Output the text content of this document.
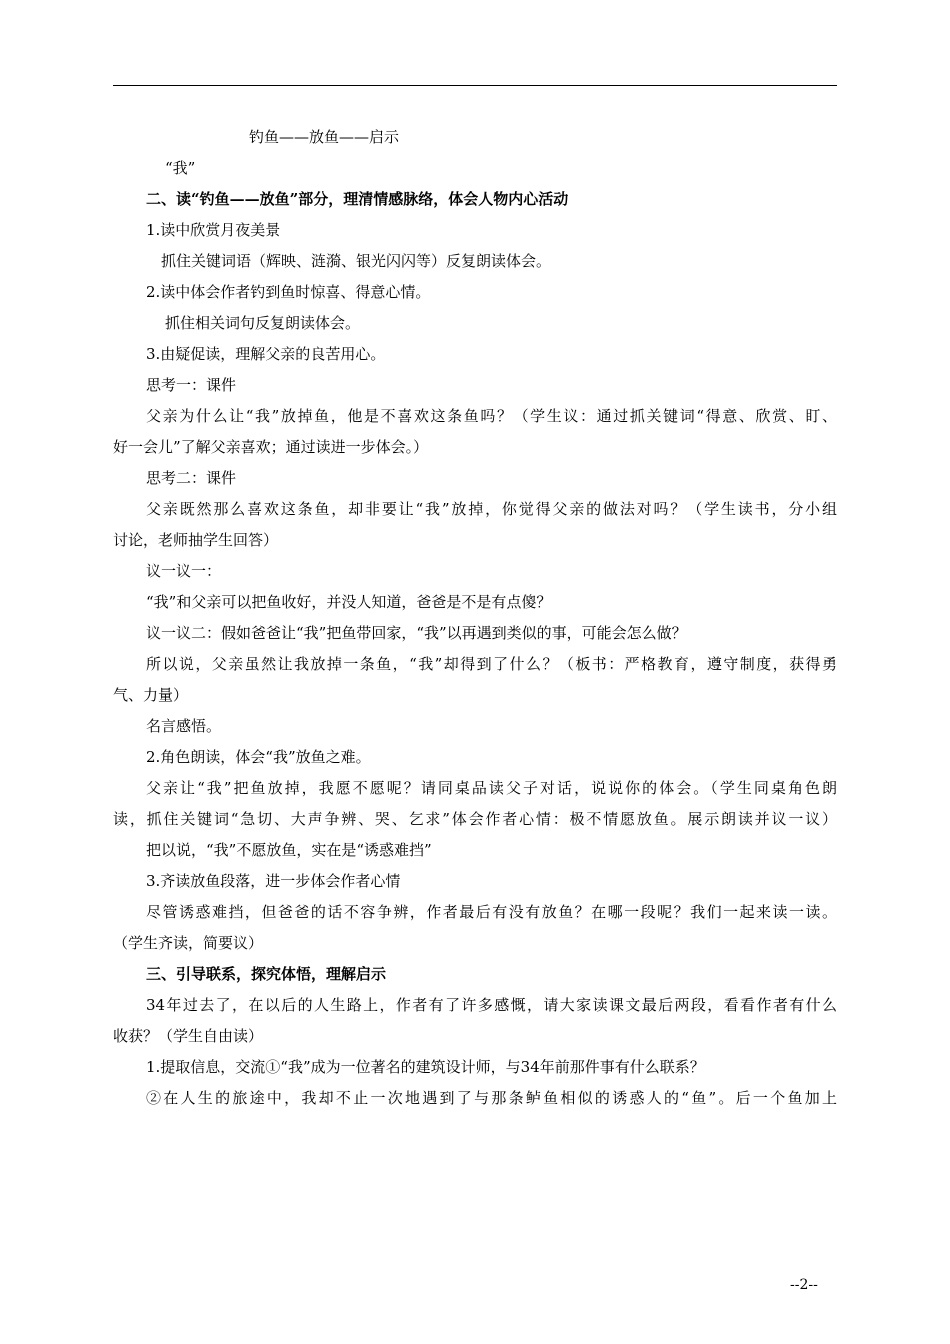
钓鱼——放鱼——启示
“我”
二、读“钓鱼——放鱼”部分，理清情感脉络，体会人物内心活动
1.读中欣赏月夜美景
抓住关键词语（辉映、涟漪、银光闪闪等）反复朗读体会。
2.读中体会作者钓到鱼时惊喜、得意心情。
抓住相关词句反复朗读体会。
3.由疑促读，理解父亲的良苦用心。
思考一：课件
父亲为什么让“我”放掉鱼，他是不喜欢这条鱼吗？（学生议：通过抓关键词“得意、欣赏、盯、
好一会儿”了解父亲喜欢；通过读进一步体会。）
思考二：课件
父亲既然那么喜欢这条鱼，却非要让“我”放掉，你觉得父亲的做法对吗？（学生读书，分小组
讨论，老师抽学生回答）
议一议一：
“我”和父亲可以把鱼收好，并没人知道，爸爸是不是有点傻？
议一议二：假如爸爸让“我”把鱼带回家，“我”以再遇到类似的事，可能会怎么做？
所以说，父亲虽然让我放掉一条鱼，“我”却得到了什么？（板书：严格教育，遵守制度，获得勇
气、力量）
名言感悟。
2.角色朗读，体会“我”放鱼之难。
父亲让“我”把鱼放掉，我愿不愿呢？请同桌品读父子对话，说说你的体会。（学生同桌角色朗
读，抓住关键词“急切、大声争辨、哭、乞求”体会作者心情：极不情愿放鱼。展示朗读并议一议）
把以说，“我”不愿放鱼，实在是“诱惑难挡”
3.齐读放鱼段落，进一步体会作者心情
尽管诱惑难挡，但爸爸的话不容争辨，作者最后有没有放鱼？在哪一段呢？我们一起来读一读。
（学生齐读，简要议）
三、引导联系，探究体悟，理解启示
34年过去了，在以后的人生路上，作者有了许多感慨，请大家读课文最后两段，看看作者有什么
收获？（学生自由读）
1.提取信息，交流①“我”成为一位著名的建筑设计师，与34年前那件事有什么联系？
②在人生的旅途中，我却不止一次地遇到了与那条鲈鱼相似的诱惑人的“鱼”。后一个鱼加上
--2--
